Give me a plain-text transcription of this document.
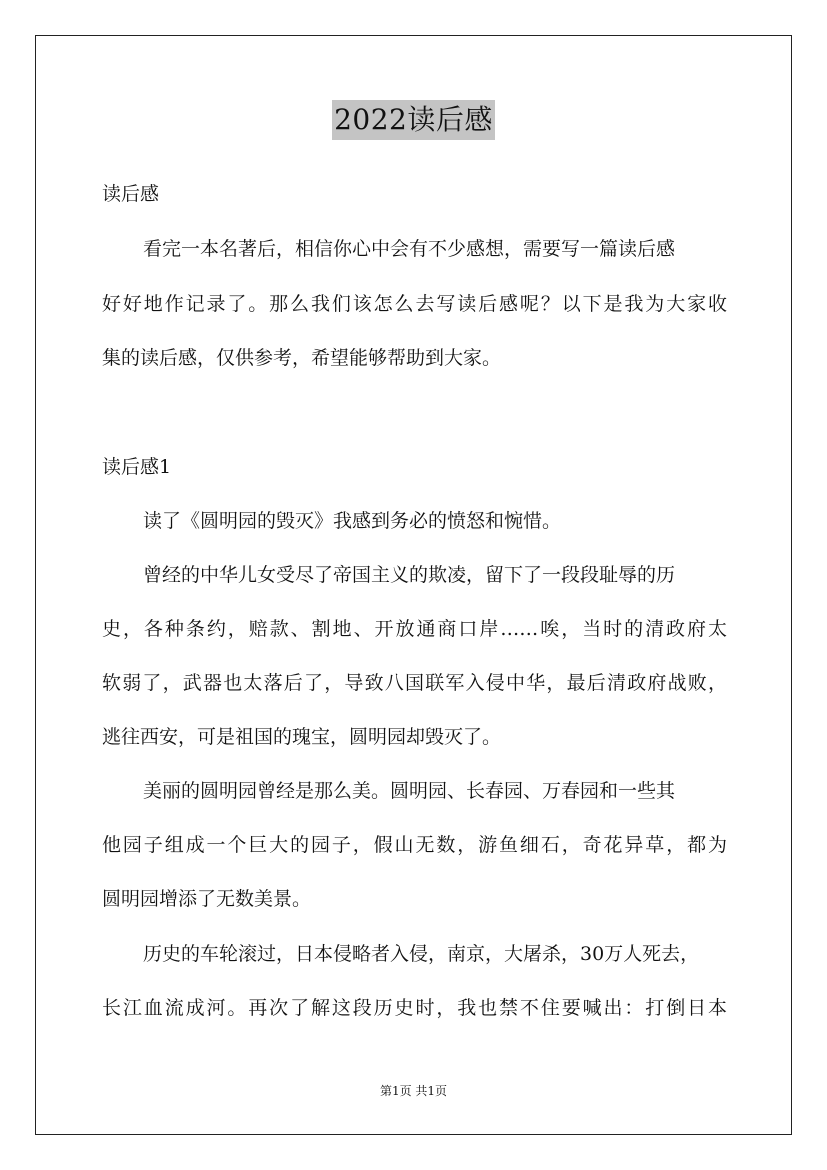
2022读后感
读后感
看完一本名著后，相信你心中会有不少感想，需要写一篇读后感
好好地作记录了。那么我们该怎么去写读后感呢？以下是我为大家收
集的读后感，仅供参考，希望能够帮助到大家。
读后感1
读了《圆明园的毁灭》我感到务必的愤怒和惋惜。
曾经的中华儿女受尽了帝国主义的欺凌，留下了一段段耻辱的历
史，各种条约，赔款、割地、开放通商口岸……唉，当时的清政府太
软弱了，武器也太落后了，导致八国联军入侵中华，最后清政府战败，
逃往西安，可是祖国的瑰宝，圆明园却毁灭了。
美丽的圆明园曾经是那么美。圆明园、长春园、万春园和一些其
他园子组成一个巨大的园子，假山无数，游鱼细石，奇花异草，都为
圆明园增添了无数美景。
历史的车轮滚过，日本侵略者入侵，南京，大屠杀，30万人死去，
长江血流成河。再次了解这段历史时，我也禁不住要喊出：打倒日本
第1页 共1页
